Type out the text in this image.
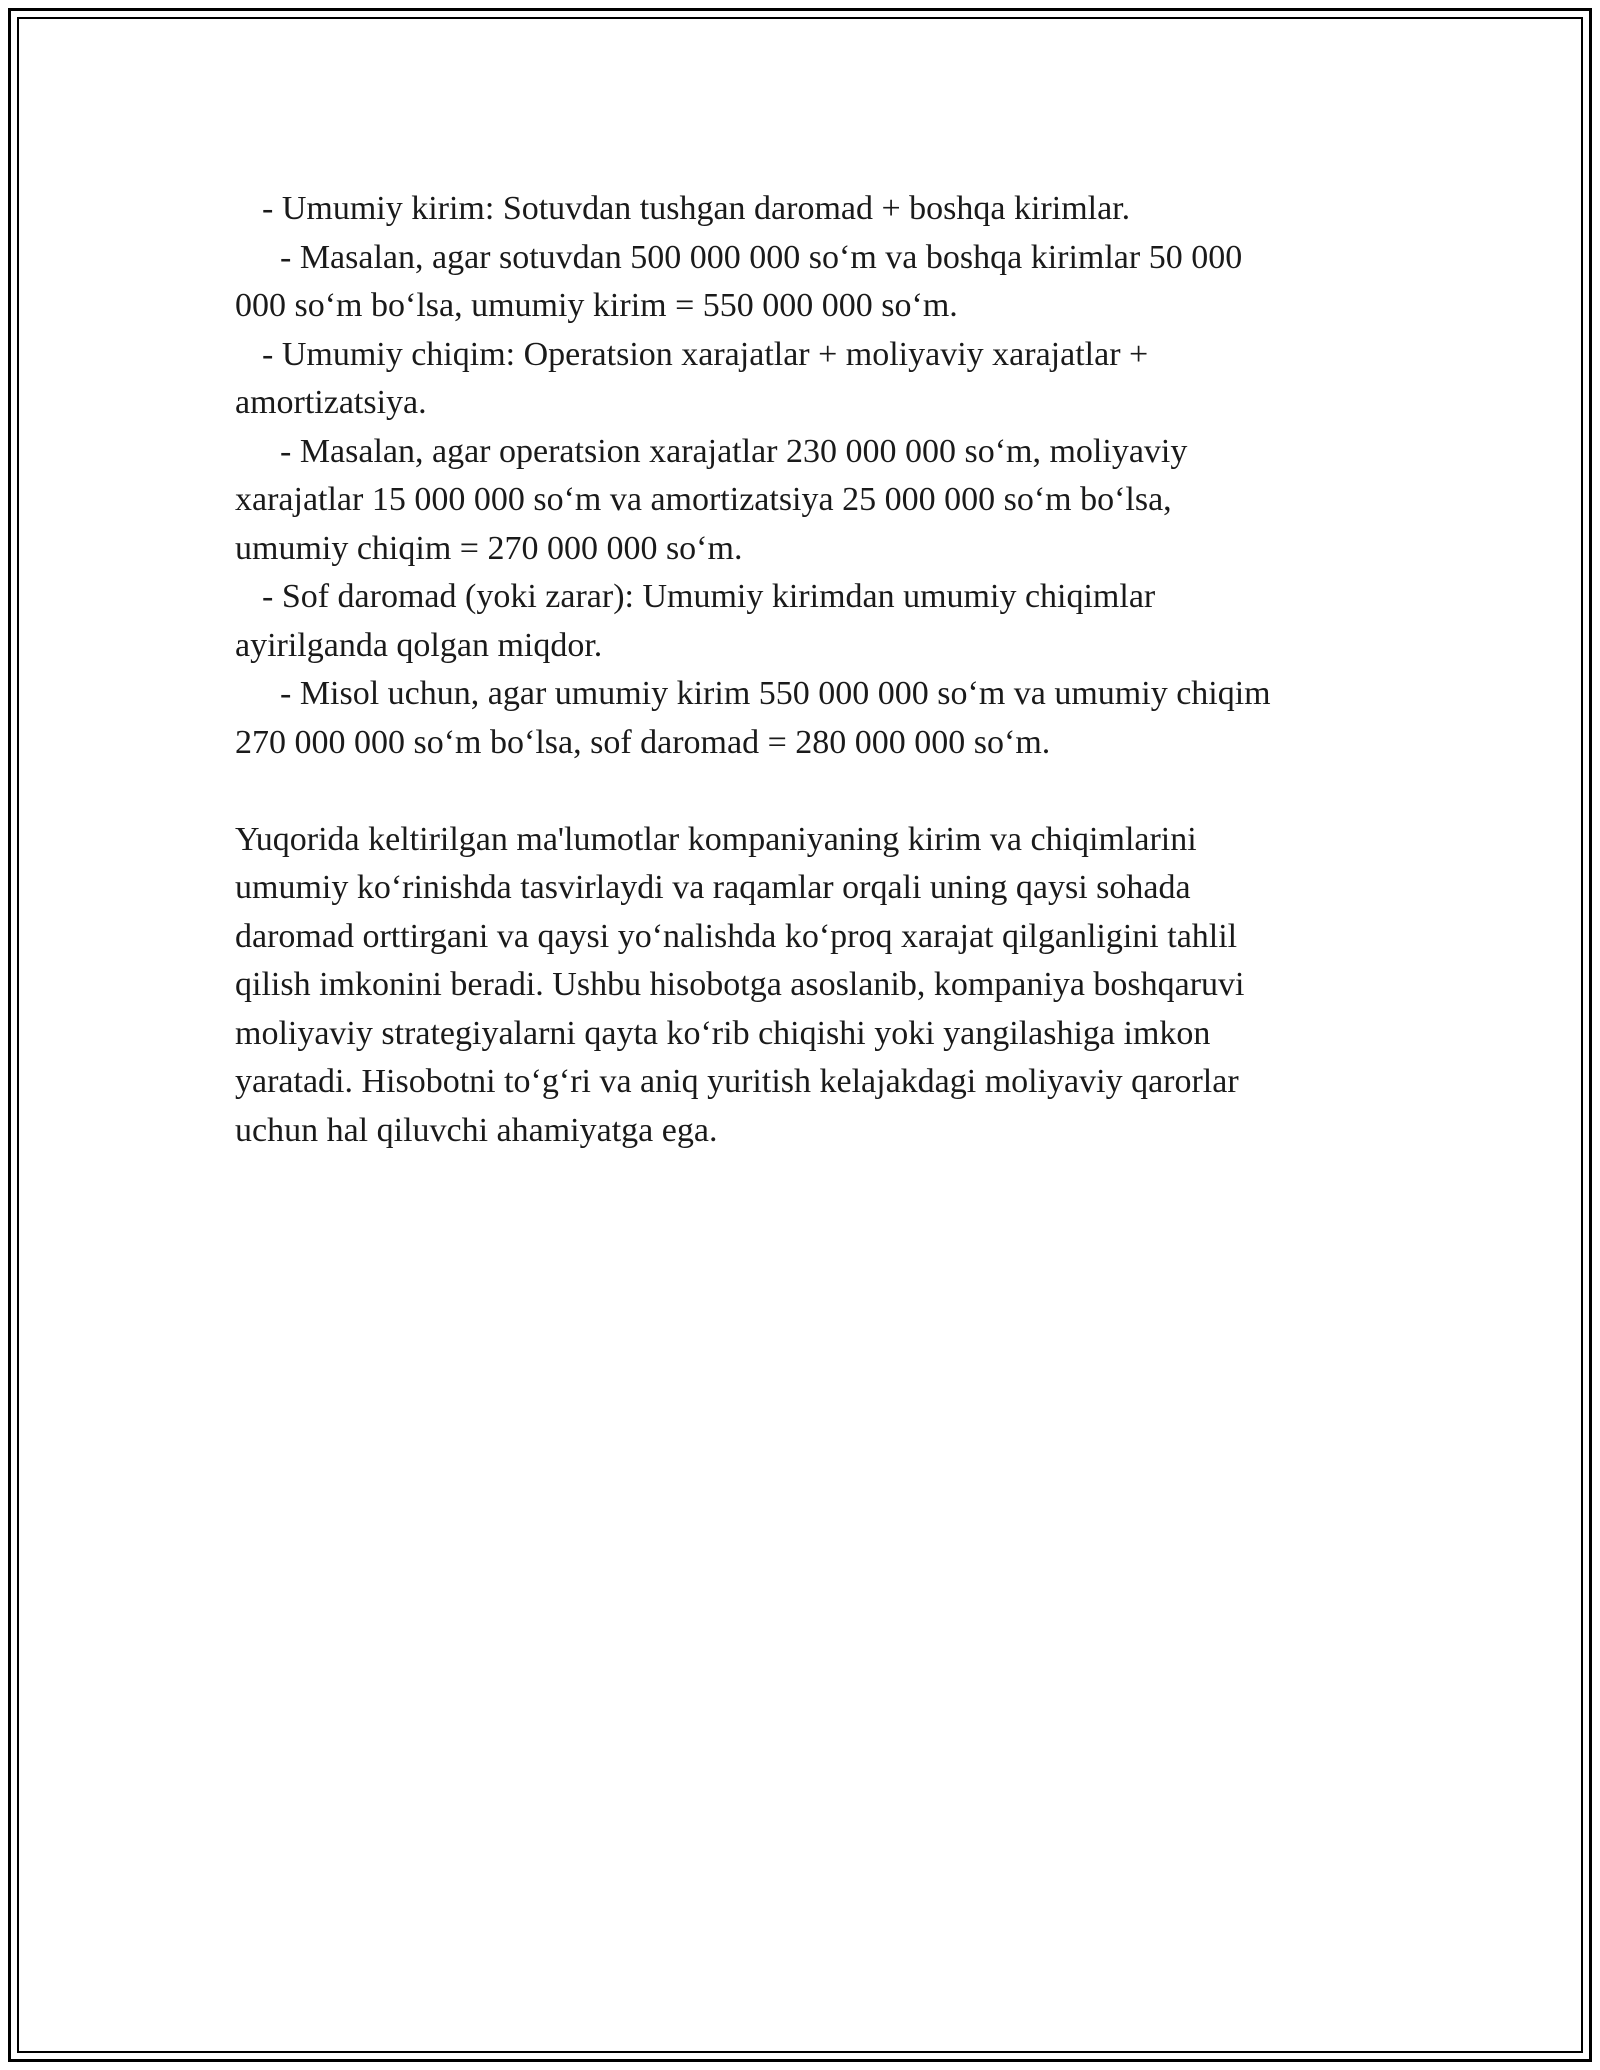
- Umumiy kirim: Sotuvdan tushgan daromad + boshqa kirimlar.

- Masalan, agar sotuvdan 500 000 000 so‘m va boshqa kirimlar 50 000

000 so‘m bo‘lsa, umumiy kirim = 550 000 000 so‘m.

- Umumiy chiqim: Operatsion xarajatlar + moliyaviy xarajatlar +

amortizatsiya.

- Masalan, agar operatsion xarajatlar 230 000 000 so‘m, moliyaviy

xarajatlar 15 000 000 so‘m va amortizatsiya 25 000 000 so‘m bo‘lsa,

umumiy chiqim = 270 000 000 so‘m.

- Sof daromad (yoki zarar): Umumiy kirimdan umumiy chiqimlar

ayirilganda qolgan miqdor.

- Misol uchun, agar umumiy kirim 550 000 000 so‘m va umumiy chiqim

270 000 000 so‘m bo‘lsa, sof daromad = 280 000 000 so‘m.

Yuqorida keltirilgan ma'lumotlar kompaniyaning kirim va chiqimlarini

umumiy ko‘rinishda tasvirlaydi va raqamlar orqali uning qaysi sohada

daromad orttirgani va qaysi yo‘nalishda ko‘proq xarajat qilganligini tahlil

qilish imkonini beradi. Ushbu hisobotga asoslanib, kompaniya boshqaruvi

moliyaviy strategiyalarni qayta ko‘rib chiqishi yoki yangilashiga imkon

yaratadi. Hisobotni to‘g‘ri va aniq yuritish kelajakdagi moliyaviy qarorlar

uchun hal qiluvchi ahamiyatga ega.
